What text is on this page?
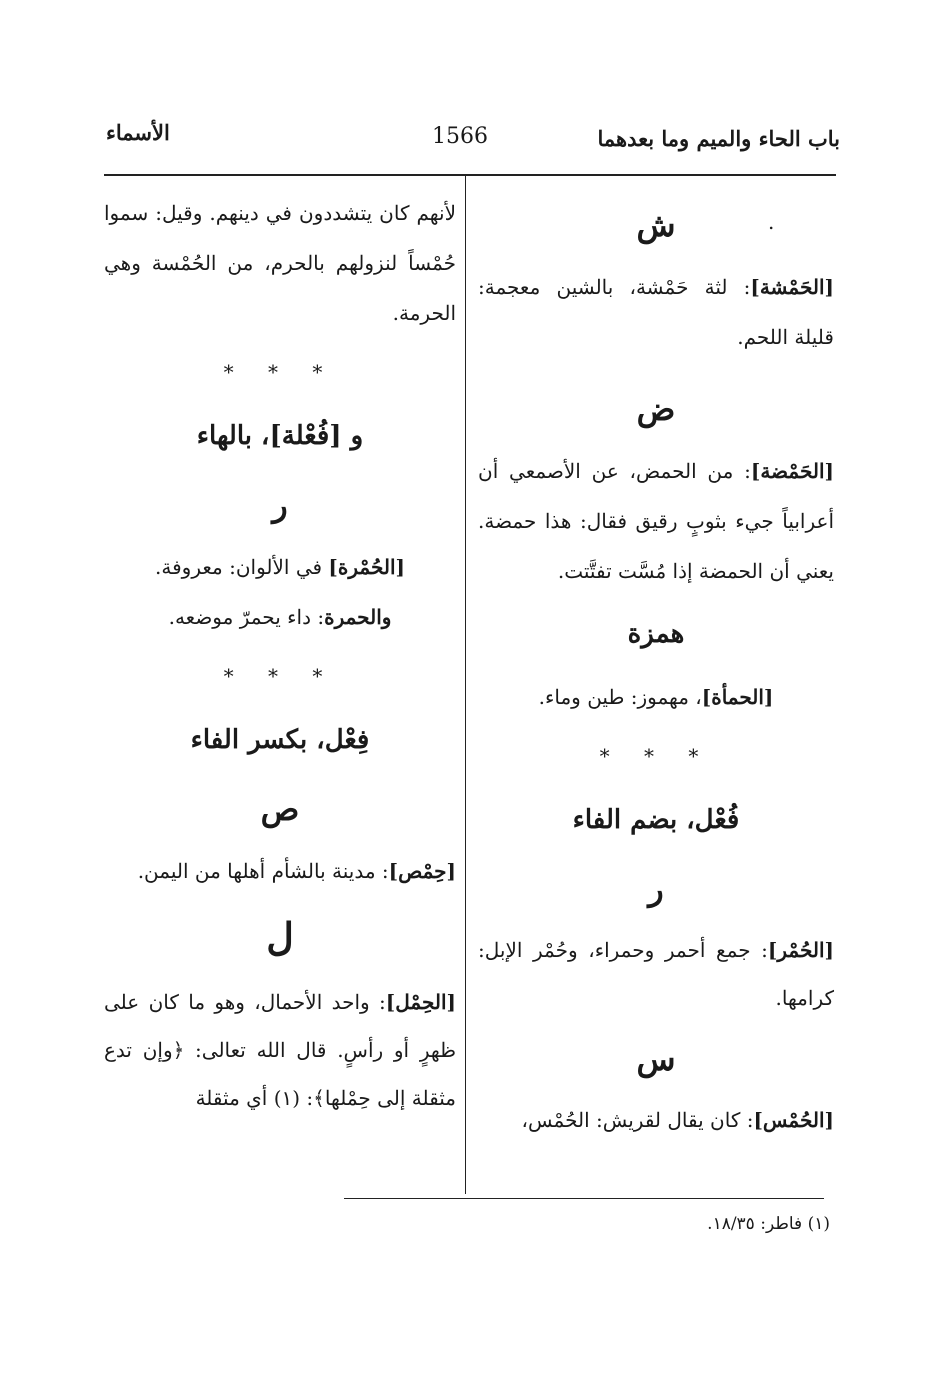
باب الحاء والميم وما بعدهما
1566
الأسماء
.
ش

[الحَمْشة]: لثة حَمْشة، بالشين معجمة: قليلة اللحم.

ض

[الحَمْضة]: من الحمض، عن الأصمعي أن أعرابياً جيء بثوبٍ رقيق فقال: هذا حمضة. يعني أن الحمضة إذا مُسَّت تفتَّتت.

همزة

[الحمأة]، مهموز: طين وماء.

* * *
فُعْل، بضم الفاء
ر

[الحُمْر]: جمع أحمر وحمراء، وحُمْر الإبل: كرامها.

س

[الحُمْس]: كان يقال لقريش: الحُمْس،

لأنهم كان يتشددون في دينهم. وقيل: سموا حُمْساً لنزولهم بالحرم، من الحُمْسة وهي الحرمة.

* * *
و [فُعْلة]، بالهاء
ر

[الحُمْرة] في الألوان: معروفة.

والحمرة: داء يحمرّ موضعه.

* * *
فِعْل، بكسر الفاء
ص

[حِمْص]: مدينة بالشأم أهلها من اليمن.

ل

[الحِمْل]: واحد الأحمال، وهو ما كان على ظهرٍ أو رأسٍ. قال الله تعالى: ﴿وإن تدع مثقلة إلى حِمْلها﴾: (١) أي مثقلة

(١) فاطر: ١٨/٣٥.
